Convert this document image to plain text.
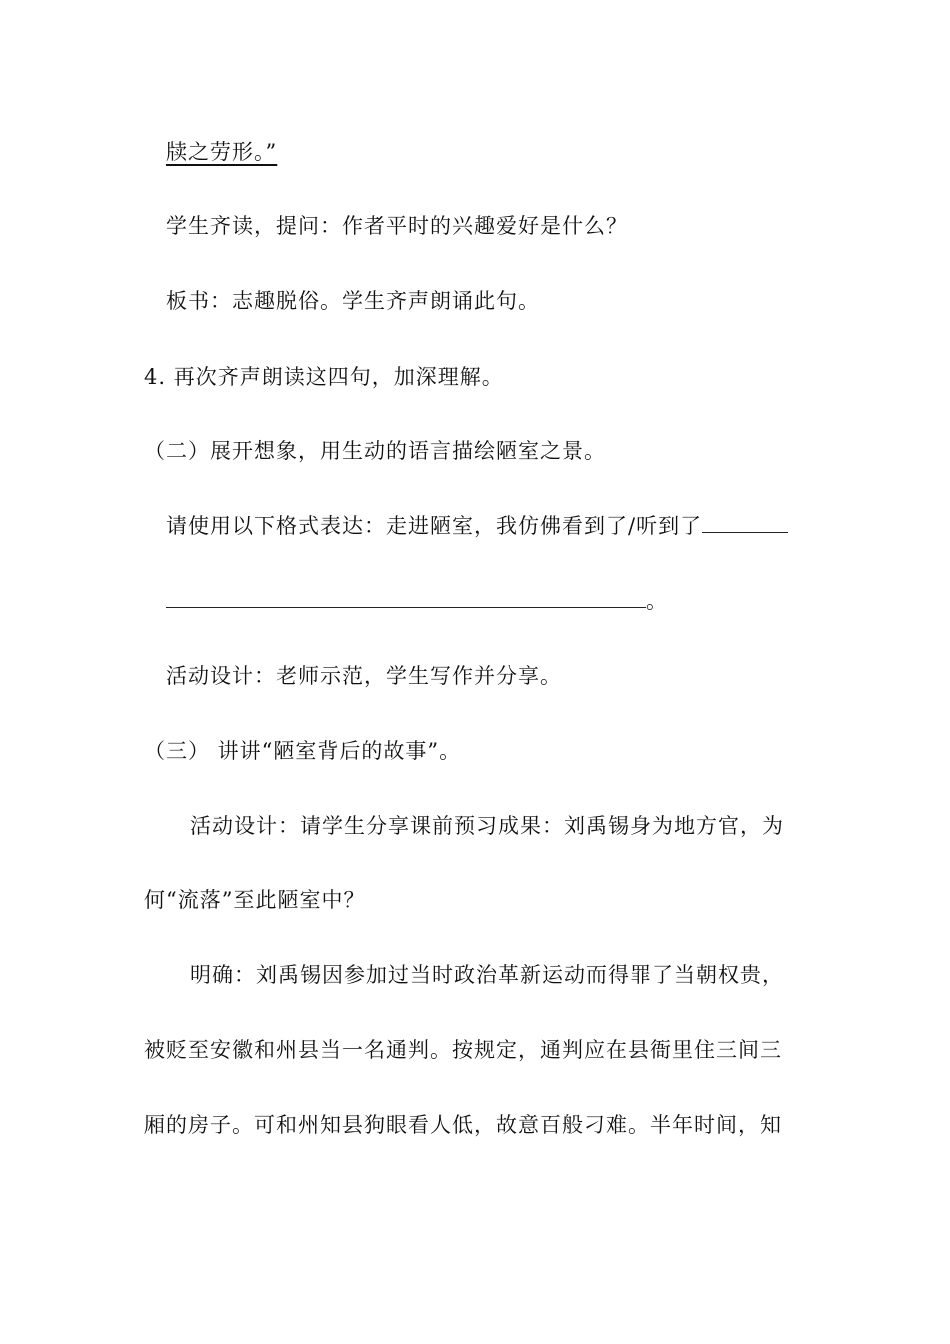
牍之劳形。”
学生齐读，提问：作者平时的兴趣爱好是什么？
板书：志趣脱俗。学生齐声朗诵此句。
4. 再次齐声朗读这四句，加深理解。
（二）展开想象，用生动的语言描绘陋室之景。
请使用以下格式表达：走进陋室，我仿佛看到了/听到了
。
活动设计：老师示范，学生写作并分享。
（三） 讲讲“陋室背后的故事”。
活动设计：请学生分享课前预习成果：刘禹锡身为地方官，为
何“流落”至此陋室中？
明确：刘禹锡因参加过当时政治革新运动而得罪了当朝权贵，
被贬至安徽和州县当一名通判。按规定，通判应在县衙里住三间三
厢的房子。可和州知县狗眼看人低，故意百般刁难。半年时间，知
